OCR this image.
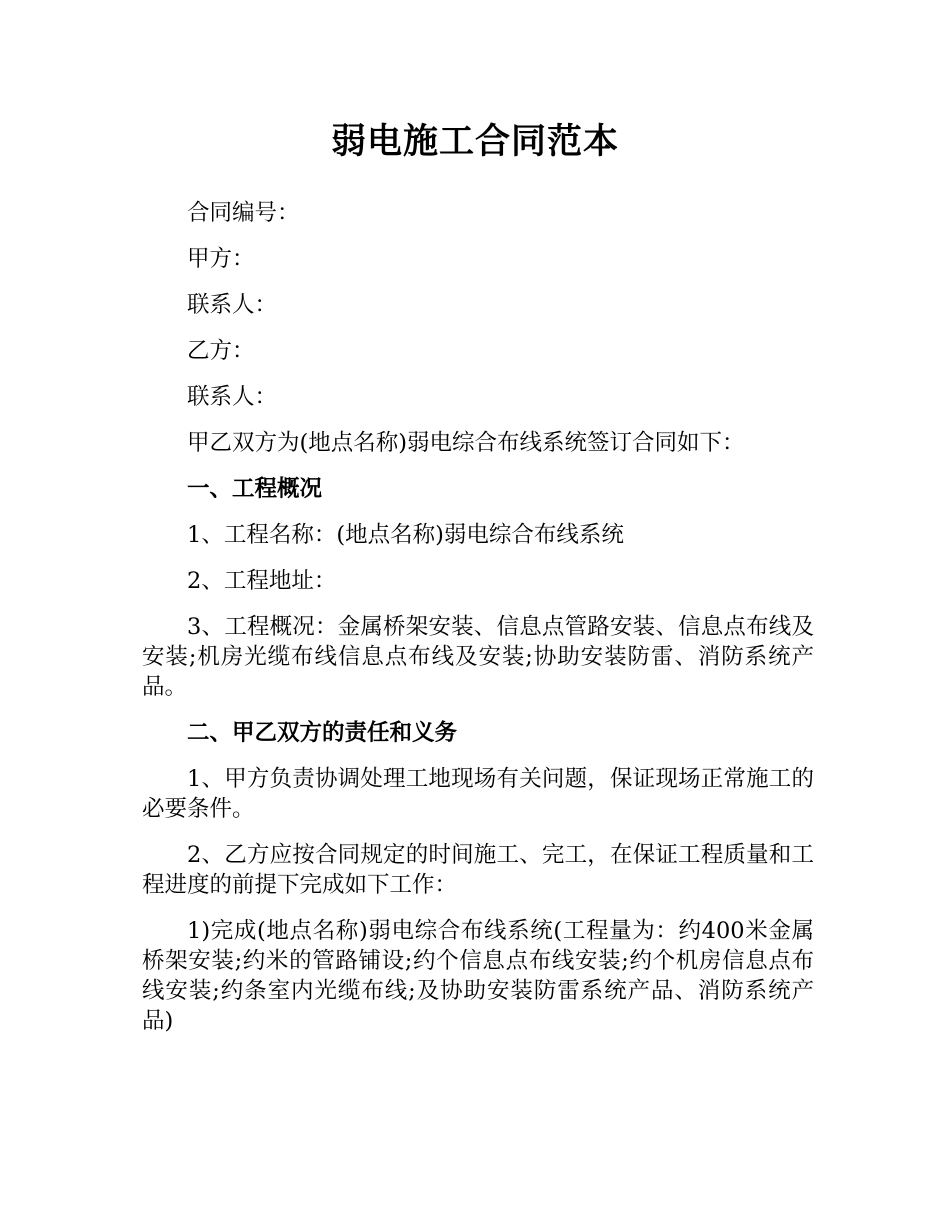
弱电施工合同范本

合同编号：

甲方：

联系人：

乙方：

联系人：

甲乙双方为(地点名称)弱电综合布线系统签订合同如下：

一、工程概况

1、工程名称：(地点名称)弱电综合布线系统

2、工程地址：

3、工程概况：金属桥架安装、信息点管路安装、信息点布线及安装;机房光缆布线信息点布线及安装;协助安装防雷、消防系统产品。

二、甲乙双方的责任和义务

1、甲方负责协调处理工地现场有关问题，保证现场正常施工的必要条件。

2、乙方应按合同规定的时间施工、完工，在保证工程质量和工程进度的前提下完成如下工作：

1)完成(地点名称)弱电综合布线系统(工程量为：约400米金属桥架安装;约米的管路铺设;约个信息点布线安装;约个机房信息点布线安装;约条室内光缆布线;及协助安装防雷系统产品、消防系统产品)
